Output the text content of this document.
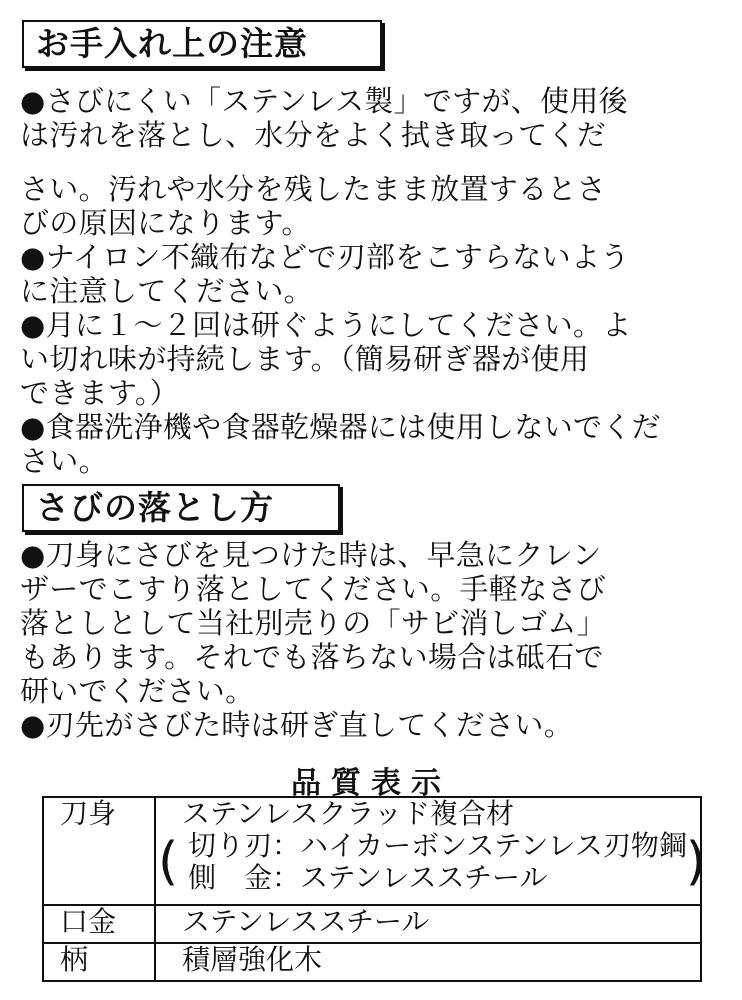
お手入れ上の注意
●さびにくい「ステンレス製」ですが、使用後
は汚れを落とし、水分をよく拭き取ってくだ
さい。汚れや水分を残したまま放置するとさ
びの原因になります。
●ナイロン不織布などで刃部をこすらないよう
に注意してください。
●月に１～２回は研ぐようにしてください。よ
い切れ味が持続します。（簡易研ぎ器が使用
できます。）
●食器洗浄機や食器乾燥器には使用しないでくだ
さい。
さびの落とし方
●刀身にさびを見つけた時は、早急にクレン
ザーでこすり落としてください。手軽なさび
落としとして当社別売りの「サビ消しゴム」
もあります。それでも落ちない場合は砥石で
研いでください。
●刃先がさびた時は研ぎ直してください。
品質表示
刀身	ステンレスクラッド複合材
( 切り刃：ハイカーボンステンレス刃物鋼
側　金：ステンレススチール )

口金	ステンレススチール
柄	積層強化木
